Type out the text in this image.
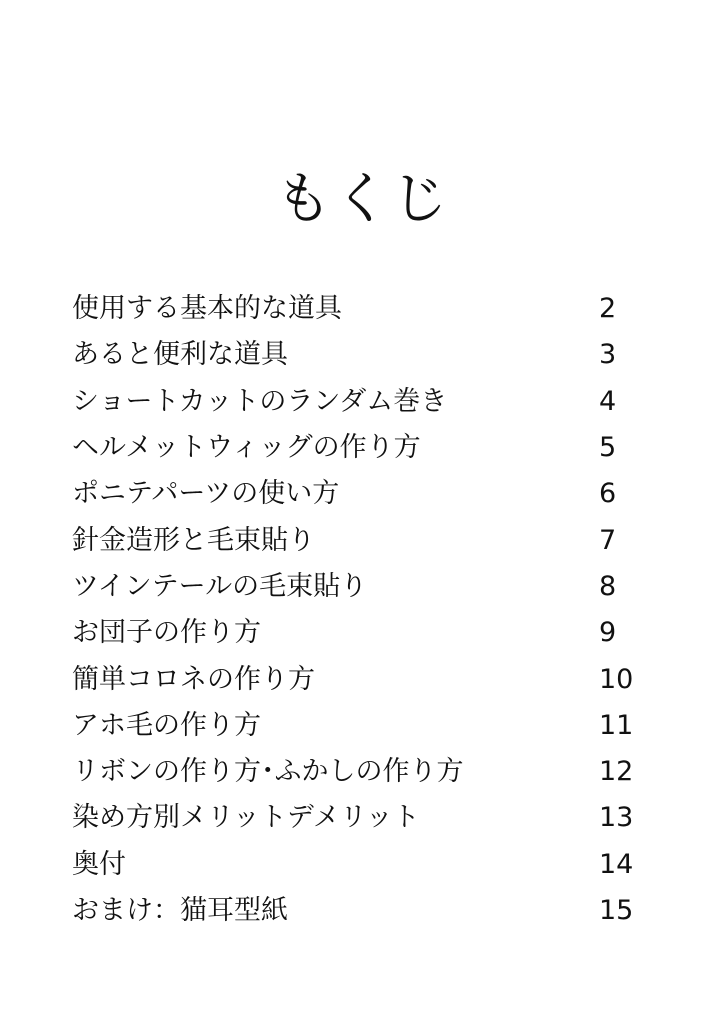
もくじ
使用する基本的な道具	2
あると便利な道具	3
ショートカットのランダム巻き	4
ヘルメットウィッグの作り方	5
ポニテパーツの使い方	6
針金造形と毛束貼り	7
ツインテールの毛束貼り	8
お団子の作り方	9
簡単コロネの作り方	10
アホ毛の作り方	11
リボンの作り方･ふかしの作り方	12
染め方別メリットデメリット	13
奥付	14
おまけ：猫耳型紙	15
